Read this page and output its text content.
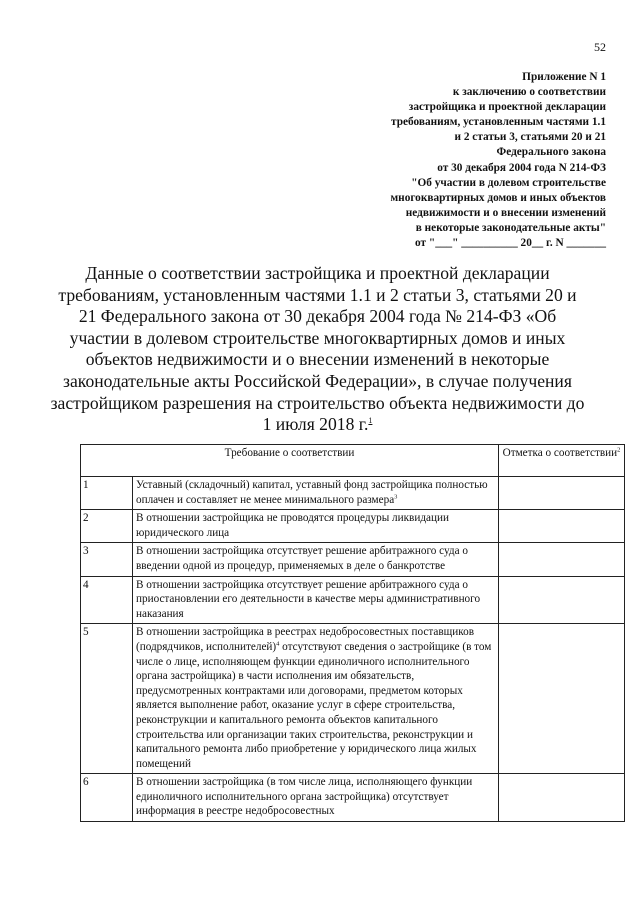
52
Приложение N 1
к заключению о соответствии
застройщика и проектной декларации
требованиям, установленным частями 1.1
и 2 статьи 3, статьями 20 и 21
Федерального закона
от 30 декабря 2004 года N 214-ФЗ
"Об участии в долевом строительстве
многоквартирных домов и иных объектов
недвижимости и о внесении изменений
в некоторые законодательные акты"
от "___" __________ 20__ г. N _______
Данные о соответствии застройщика и проектной декларации требованиям, установленным частями 1.1 и 2 статьи 3, статьями 20 и 21 Федерального закона от 30 декабря 2004 года № 214-ФЗ «Об участии в долевом строительстве многоквартирных домов и иных объектов недвижимости и о внесении изменений в некоторые законодательные акты Российской Федерации», в случае получения застройщиком разрешения на строительство объекта недвижимости до 1 июля 2018 г.$^1$
Требование о соответствии		Отметка о соответствии$^2$
1	Уставный (складочный) капитал, уставный фонд застройщика полностью оплачен и составляет не менее минимального размера$^3$	
2	В отношении застройщика не проводятся процедуры ликвидации юридического лица	
3	В отношении застройщика отсутствует решение арбитражного суда о введении одной из процедур, применяемых в деле о банкротстве	
4	В отношении застройщика отсутствует решение арбитражного суда о приостановлении его деятельности в качестве меры административного наказания	
5	В отношении застройщика в реестрах недобросовестных поставщиков (подрядчиков, исполнителей)$^4$ отсутствуют сведения о застройщике (в том числе о лице, исполняющем функции единоличного исполнительного органа застройщика) в части исполнения им обязательств, предусмотренных контрактами или договорами, предметом которых является выполнение работ, оказание услуг в сфере строительства, реконструкции и капитального ремонта объектов капитального строительства или организации таких строительства, реконструкции и капитального ремонта либо приобретение у юридического лица жилых помещений	
6	В отношении застройщика (в том числе лица, исполняющего функции единоличного исполнительного органа застройщика) отсутствует информация в реестре недобросовестных	
